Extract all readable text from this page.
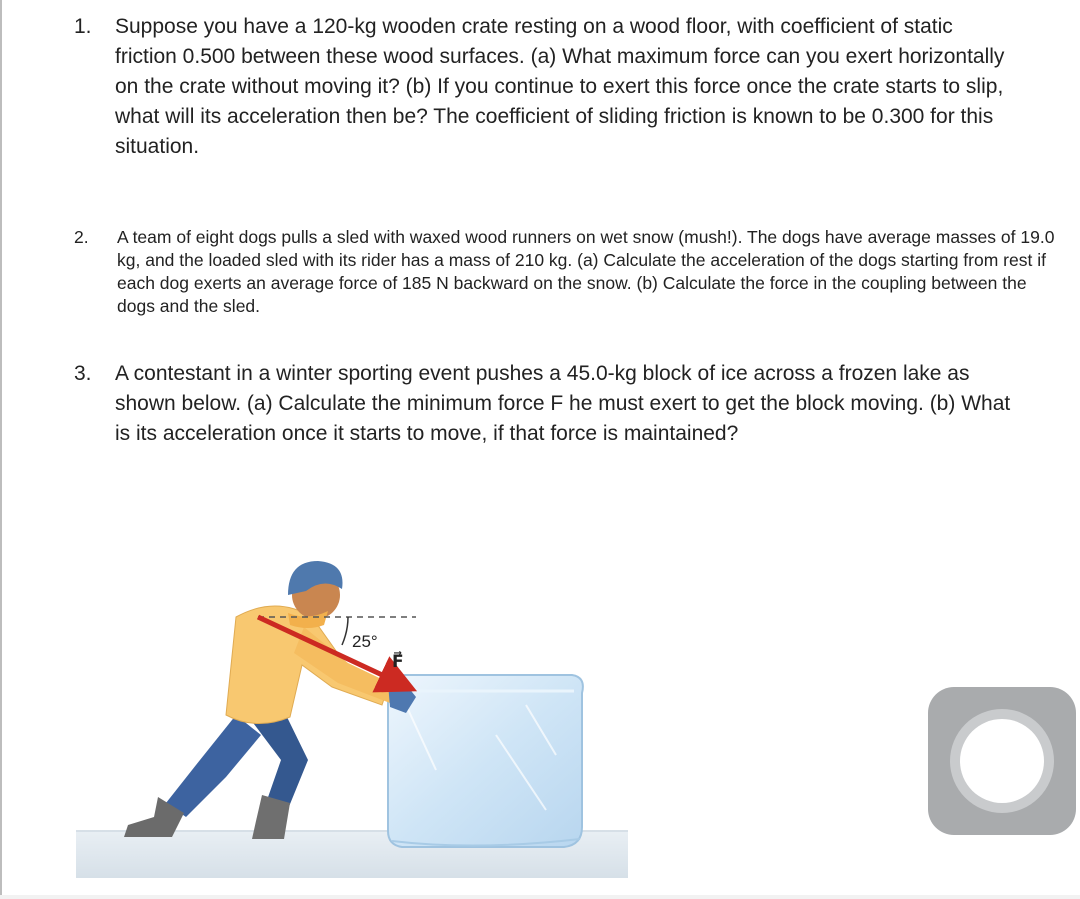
1. Suppose you have a 120-kg wooden crate resting on a wood floor, with coefficient of static friction 0.500 between these wood surfaces. (a) What maximum force can you exert horizontally on the crate without moving it? (b) If you continue to exert this force once the crate starts to slip, what will its acceleration then be? The coefficient of sliding friction is known to be 0.300 for this situation.
2. A team of eight dogs pulls a sled with waxed wood runners on wet snow (mush!). The dogs have average masses of 19.0 kg, and the loaded sled with its rider has a mass of 210 kg. (a) Calculate the acceleration of the dogs starting from rest if each dog exerts an average force of 185 N backward on the snow. (b) Calculate the force in the coupling between the dogs and the sled.
3. A contestant in a winter sporting event pushes a 45.0-kg block of ice across a frozen lake as shown below. (a) Calculate the minimum force F he must exert to get the block moving. (b) What is its acceleration once it starts to move, if that force is maintained?
25°
F⃗
